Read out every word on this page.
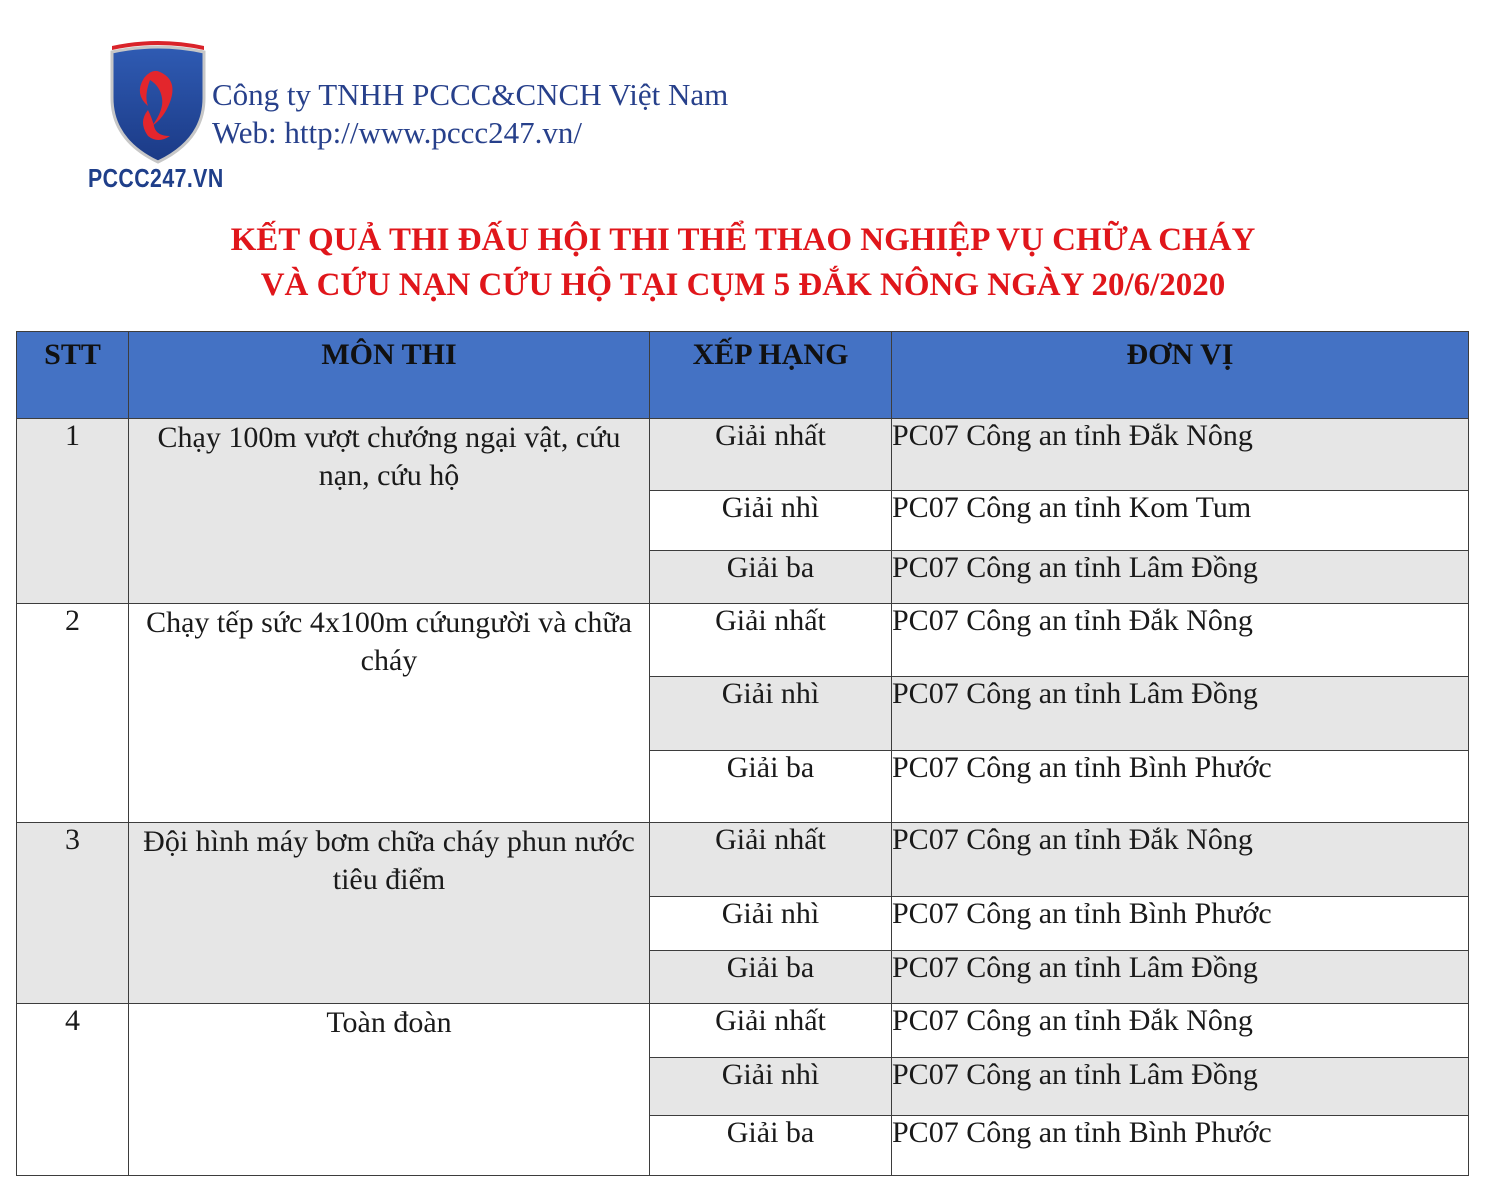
PCCC247.VN
Công ty TNHH PCCC&CNCH Việt Nam
Web: http://www.pccc247.vn/
KẾT QUẢ THI ĐẤU HỘI THI THỂ THAO NGHIỆP VỤ CHỮA CHÁY
VÀ CỨU NẠN CỨU HỘ TẠI CỤM 5 ĐẮK NÔNG NGÀY 20/6/2020
STT	MÔN THI	XẾP HẠNG	ĐƠN VỊ
1	Chạy 100m vượt chướng ngại vật, cứu nạn, cứu hộ	Giải nhất	PC07 Công an tỉnh Đắk Nông
		Giải nhì	PC07 Công an tỉnh Kom Tum
		Giải ba	PC07 Công an tỉnh Lâm Đồng
2	Chạy tếp sức 4x100m cứungười và chữa cháy	Giải nhất	PC07 Công an tỉnh Đắk Nông
		Giải nhì	PC07 Công an tỉnh Lâm Đồng
		Giải ba	PC07 Công an tỉnh Bình Phước
3	Đội hình máy bơm chữa cháy phun nước tiêu điểm	Giải nhất	PC07 Công an tỉnh Đắk Nông
		Giải nhì	PC07 Công an tỉnh Bình Phước
		Giải ba	PC07 Công an tỉnh Lâm Đồng
4	Toàn đoàn	Giải nhất	PC07 Công an tỉnh Đắk Nông
		Giải nhì	PC07 Công an tỉnh Lâm Đồng
		Giải ba	PC07 Công an tỉnh Bình Phước
